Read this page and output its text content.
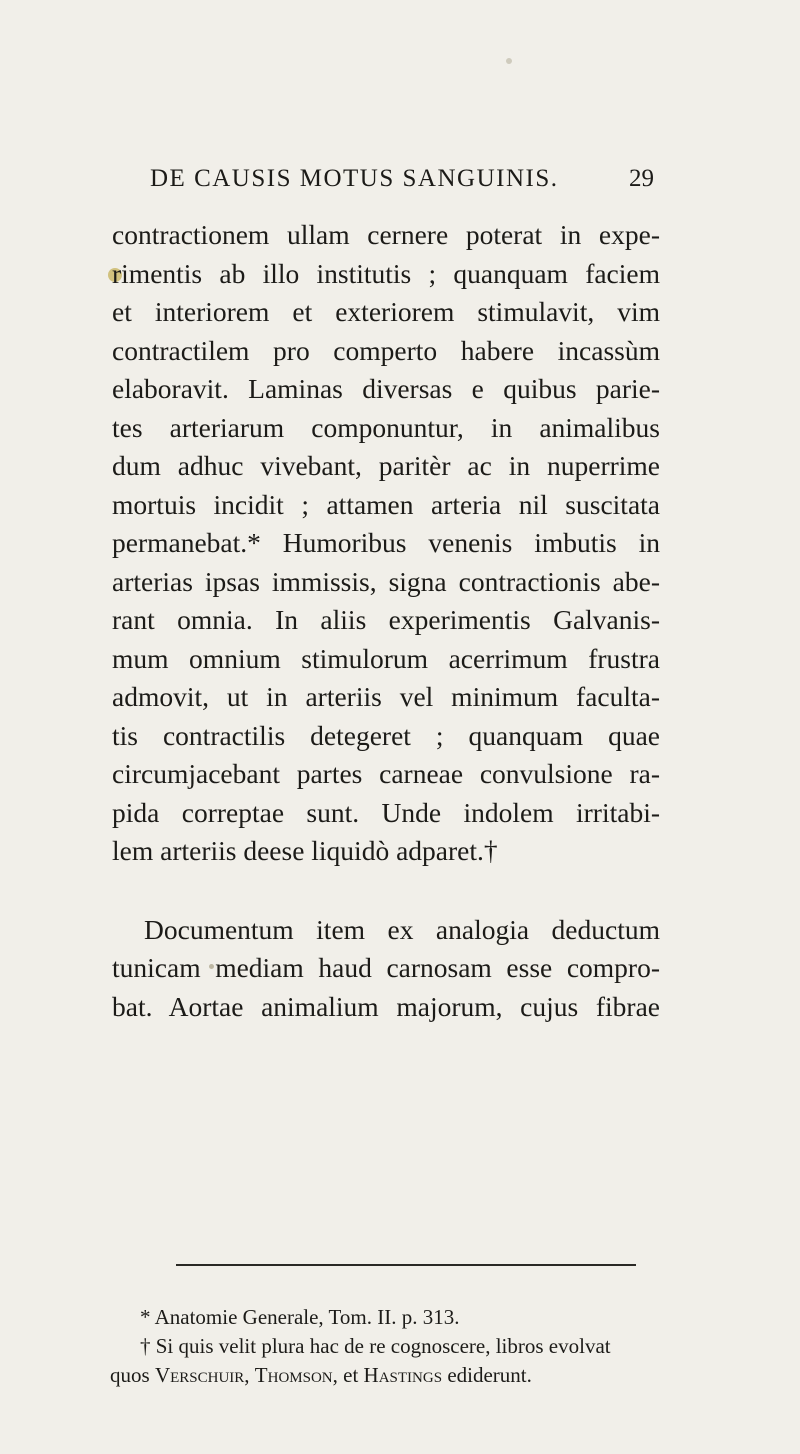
DE CAUSIS MOTUS SANGUINIS.	29
contractionem ullam cernere poterat in expe-
rimentis ab illo institutis ; quanquam faciem
et interiorem et exteriorem stimulavit, vim
contractilem pro comperto habere incassùm
elaboravit. Laminas diversas e quibus parie-
tes arteriarum componuntur, in animalibus
dum adhuc vivebant, paritèr ac in nuperrime
mortuis incidit ; attamen arteria nil suscitata
permanebat.* Humoribus venenis imbutis in
arterias ipsas immissis, signa contractionis abe-
rant omnia. In aliis experimentis Galvanis-
mum omnium stimulorum acerrimum frustra
admovit, ut in arteriis vel minimum faculta-
tis contractilis detegeret ; quanquam quae
circumjacebant partes carneae convulsione ra-
pida correptae sunt. Unde indolem irritabi-
lem arteriis deese liquidò adparet.†
Documentum item ex analogia deductum
tunicam mediam haud carnosam esse compro-
bat. Aortae animalium majorum, cujus fibrae
* Anatomie Generale, Tom. II. p. 313.
† Si quis velit plura hac de re cognoscere, libros evolvat
quos Verschuir, Thomson, et Hastings ediderunt.
